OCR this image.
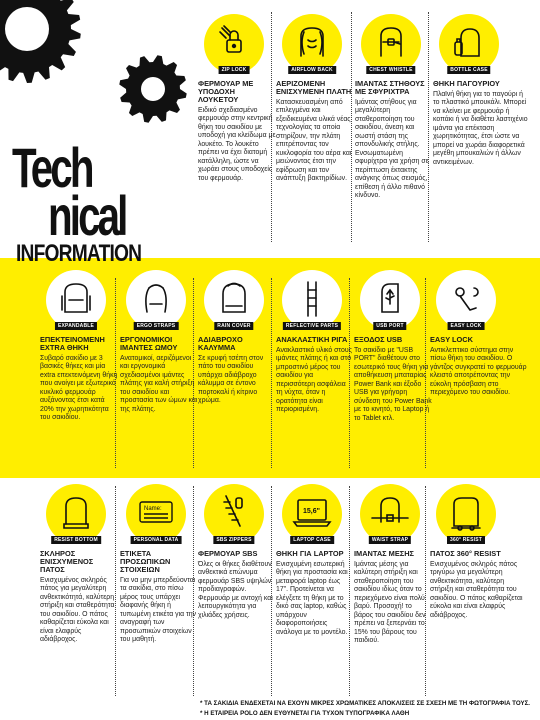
Tech
nical
INFORMATION
ZIP LOCK
ΦΕΡΜΟΥΑΡ ΜΕ ΥΠΟΔΟΧΗ ΛΟΥΚΕΤΟΥ
Ειδικό σχεδιασμένο φερμουάρ στην κεντρική θήκη του σακιδίου με υποδοχή για κλείδωμα με λουκέτο. Το λουκέτο πρέπει να έχει διατομή κατάλληλη, ώστε να χωράει στους υποδοχείς του φερμουάρ.
AIRFLOW BACK
ΑΕΡΙΖΟΜΕΝΗ ΕΝΙΣΧΥΜΕΝΗ ΠΛΑΤΗ
Κατασκευασμένη από επιλεγμένα και εξειδικευμένα υλικά νέας τεχνολογίας τα οποία στηρίζουν, την πλάτη επιτρέποντας τον κυκλοφορία του αέρα και μειώνοντας έτσι την εφίδρωση και τον ανάπτυξη βακτηρίδίων.
CHEST WHISTLE
ΙΜΑΝΤΑΣ ΣΤΗΘΟΥΣ ΜΕ ΣΦΥΡΙΧΤΡΑ
Ιμάντας στήθους για μεγαλύτερη σταθεροποίηση του σακιδίου, άνεση και σωστή στάση της σπονδυλικής στήλης. Ενσωματωμένη σφυρίχτρα για χρήση σε περίπτωση έκτακτης ανάγκης όπως σεισμός, επίθεση ή άλλο πιθανό κίνδυνο.
BOTTLE CASE
ΘΗΚΗ ΠΑΓΟΥΡΙΟΥ
Πλαϊνή θήκη για το παγούρι ή το πλαστικό μπουκάλι. Μπορεί να κλείνει με φερμουάρ ή κοπάκι ή να διαθέτει λαστιχένιο ιμάντα για επέκταση χωρητικότητας, έτσι ώστε να μπορεί να χωράει διαφορετικά μεγέθη μπουκαλιών ή άλλων αντικειμένων.
EXPANDABLE
ΕΠΕΚΤΕΙΝΟΜΕΝΗ EXTRA ΘΗΚΗ
Συβαρό σακίδιο με 3 βασικές θήκες και μία extra επεκτεινόμενη θήκη που ανοίγει με εξωτερικό κυκλικό φερμουάρ αυξάνοντας έτσι κατά 20% την χωρητικότητα του σακιδίου.
ERGO STRAPS
ΕΡΓΟΝΟΜΙΚΟΙ ΙΜΑΝΤΕΣ ΩΜΟΥ
Ανατομικοί, αεριζόμενοι και εργονομικά σχεδιασμένοι ιμάντες πλάτης για καλή στήριξη του σακιδίου και προστασία των ώμων και της πλάτης.
RAIN COVER
ΑΔΙΑΒΡΟΧΟ ΚΑΛΥΜΜΑ
Σε κρυφή τσέπη στον πάτο του σακιδίου υπάρχει αδιάβροχο κάλυμμα σε έντονο πορτοκαλί ή κίτρινο χρώμα.
REFLECTIVE PARTS
ΑΝΑΚΛΑΣΤΙΚΗ ΡΙΓΑ
Ανακλαστικό υλικό στους ιμάντες πλάτης ή και στο μπροστινό μέρος του σακιδίου για περισσότερη ασφάλεια τη νύχτα, όταν η ορατότητα είναι περιορισμένη.
USB PORT
ΕΞΟΔΟΣ USB
Το σακίδιο με "USB PORT" διαθέτουν στο εσωτερικό τους θήκη για αποθήκευση μπαταρίας Power Bank και έξοδο USB για γρήγορη σύνδεση του Power Bank με το κινητό, το Laptop ή το Tablet κτλ.
EASY LOCK
EASY LOCK
Αντικλεπτικο σύστημα στην πίσω θήκη του σακιδίου. Ο γάντζος συγκρατεί το φερμουάρ κλειστό αποτρέποντας την εύκολη πρόσβαση στο περιεχόμενο του σακιδίου.
RESIST BOTTOM
ΣΚΛΗΡΟΣ ΕΝΙΣΧΥΜΕΝΟΣ ΠΑΤΟΣ
Ενισχυμένος σκληρός πάτος για μεγαλύτερη ανθεκτικότητά, καλύτερη στήριξη και σταθερότητα του σακιδίου. Ο πάτος καθαρίζεται εύκολα και είναι ελαφρύς αδιάβροχος.
Name:
PERSONAL DATA
ΕΤΙΚΕΤΑ ΠΡΟΣΩΠΙΚΩΝ ΣΤΟΙΧΕΙΩΝ
Για να μην μπερδεύονται τα σακίδια, στο πίσω μέρος τους υπάρχει διαφανής θήκη ή τυπωμένη ετικέτα για την αναγραφή των προσωπικών στοιχείων του μαθητή.
SBS ZIPPERS
ΦΕΡΜΟΥΑΡ SBS
Όλες οι θήκες διαθέτουν ανθεκτικά επώνυμα φερμουάρ SBS υψηλών προδιαγραφών. Φερμουάρ με αντοχή και λειτουργικότητα για χιλιάδες χρήσεις.
15,6"
LAPTOP CASE
ΘΗΚΗ ΓΙΑ LAPTOP
Ενισχυμένη εσωτερική θήκη για προστασία και μεταφορά laptop έως 17". Προτείνεται να ελέγξετε τη θήκη με το δικό σας laptop, καθώς υπάρχουν διαφοροποιήσεις ανάλογα με το μοντέλο.
WAIST STRAP
ΙΜΑΝΤΑΣ ΜΕΣΗΣ
Ιμάντας μέσης για καλύτερη στήριξη και σταθεροποίηση του σακιδίου ιδίως όταν το περιεχόμενο είναι πολύ βαρύ. Προσοχή! το βάρος του σακιδίου δεν πρέπει να ξεπερνάει το 15% του βάρους του παιδιού.
360° RESIST
ΠΑΤΟΣ 360° RESIST
Ενισχυμένος σκληρός πάτος τριγύρω για μεγαλύτερη ανθεκτικότητα, καλύτερη στήριξη και σταθερότητα του σακιδίου. Ο πάτος καθαρίζεται εύκολα και είναι ελαφρύς αδιάβροχος.
* ΤΑ ΣΑΚΙΔΙΑ ΕΝΔΕΧΕΤΑΙ ΝΑ ΕΧΟΥΝ ΜΙΚΡΕΣ ΧΡΩΜΑΤΙΚΕΣ ΑΠΟΚΛΙΣΕΙΣ ΣΕ ΣΧΕΣΗ ΜΕ ΤΗ ΦΩΤΟΓΡΑΦΙΑ ΤΟΥΣ.
* Η ΕΤΑΙΡΕΙΑ POLO ΔΕΝ ΕΥΘΥΝΕΤΑΙ ΓΙΑ ΤΥΧΟΝ ΤΥΠΟΓΡΑΦΙΚΑ ΛΑΘΗ
